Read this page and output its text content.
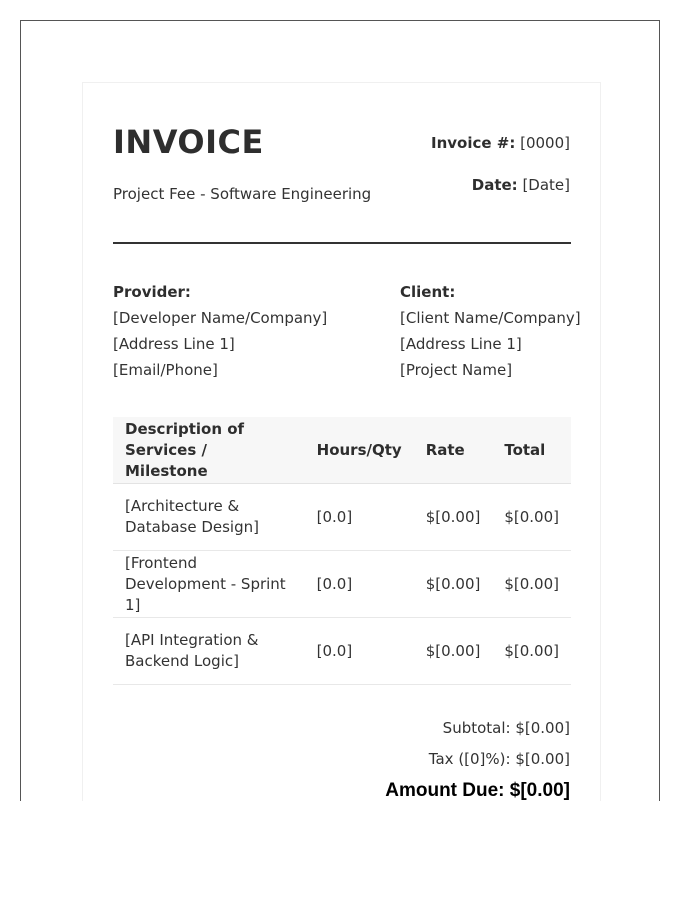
INVOICE
Project Fee - Software Engineering
Invoice #: [0000]
Date: [Date]
Provider:
[Developer Name/Company]
[Address Line 1]
[Email/Phone]
Client:
[Client Name/Company]
[Address Line 1]
[Project Name]
Description of Services / Milestone	Hours/Qty	Rate	Total
[Architecture & Database Design]	[0.0]	$[0.00]	$[0.00]
[Frontend Development - Sprint 1]	[0.0]	$[0.00]	$[0.00]
[API Integration & Backend Logic]	[0.0]	$[0.00]	$[0.00]
Subtotal: $[0.00]
Tax ([0]%): $[0.00]
Amount Due: $[0.00]
